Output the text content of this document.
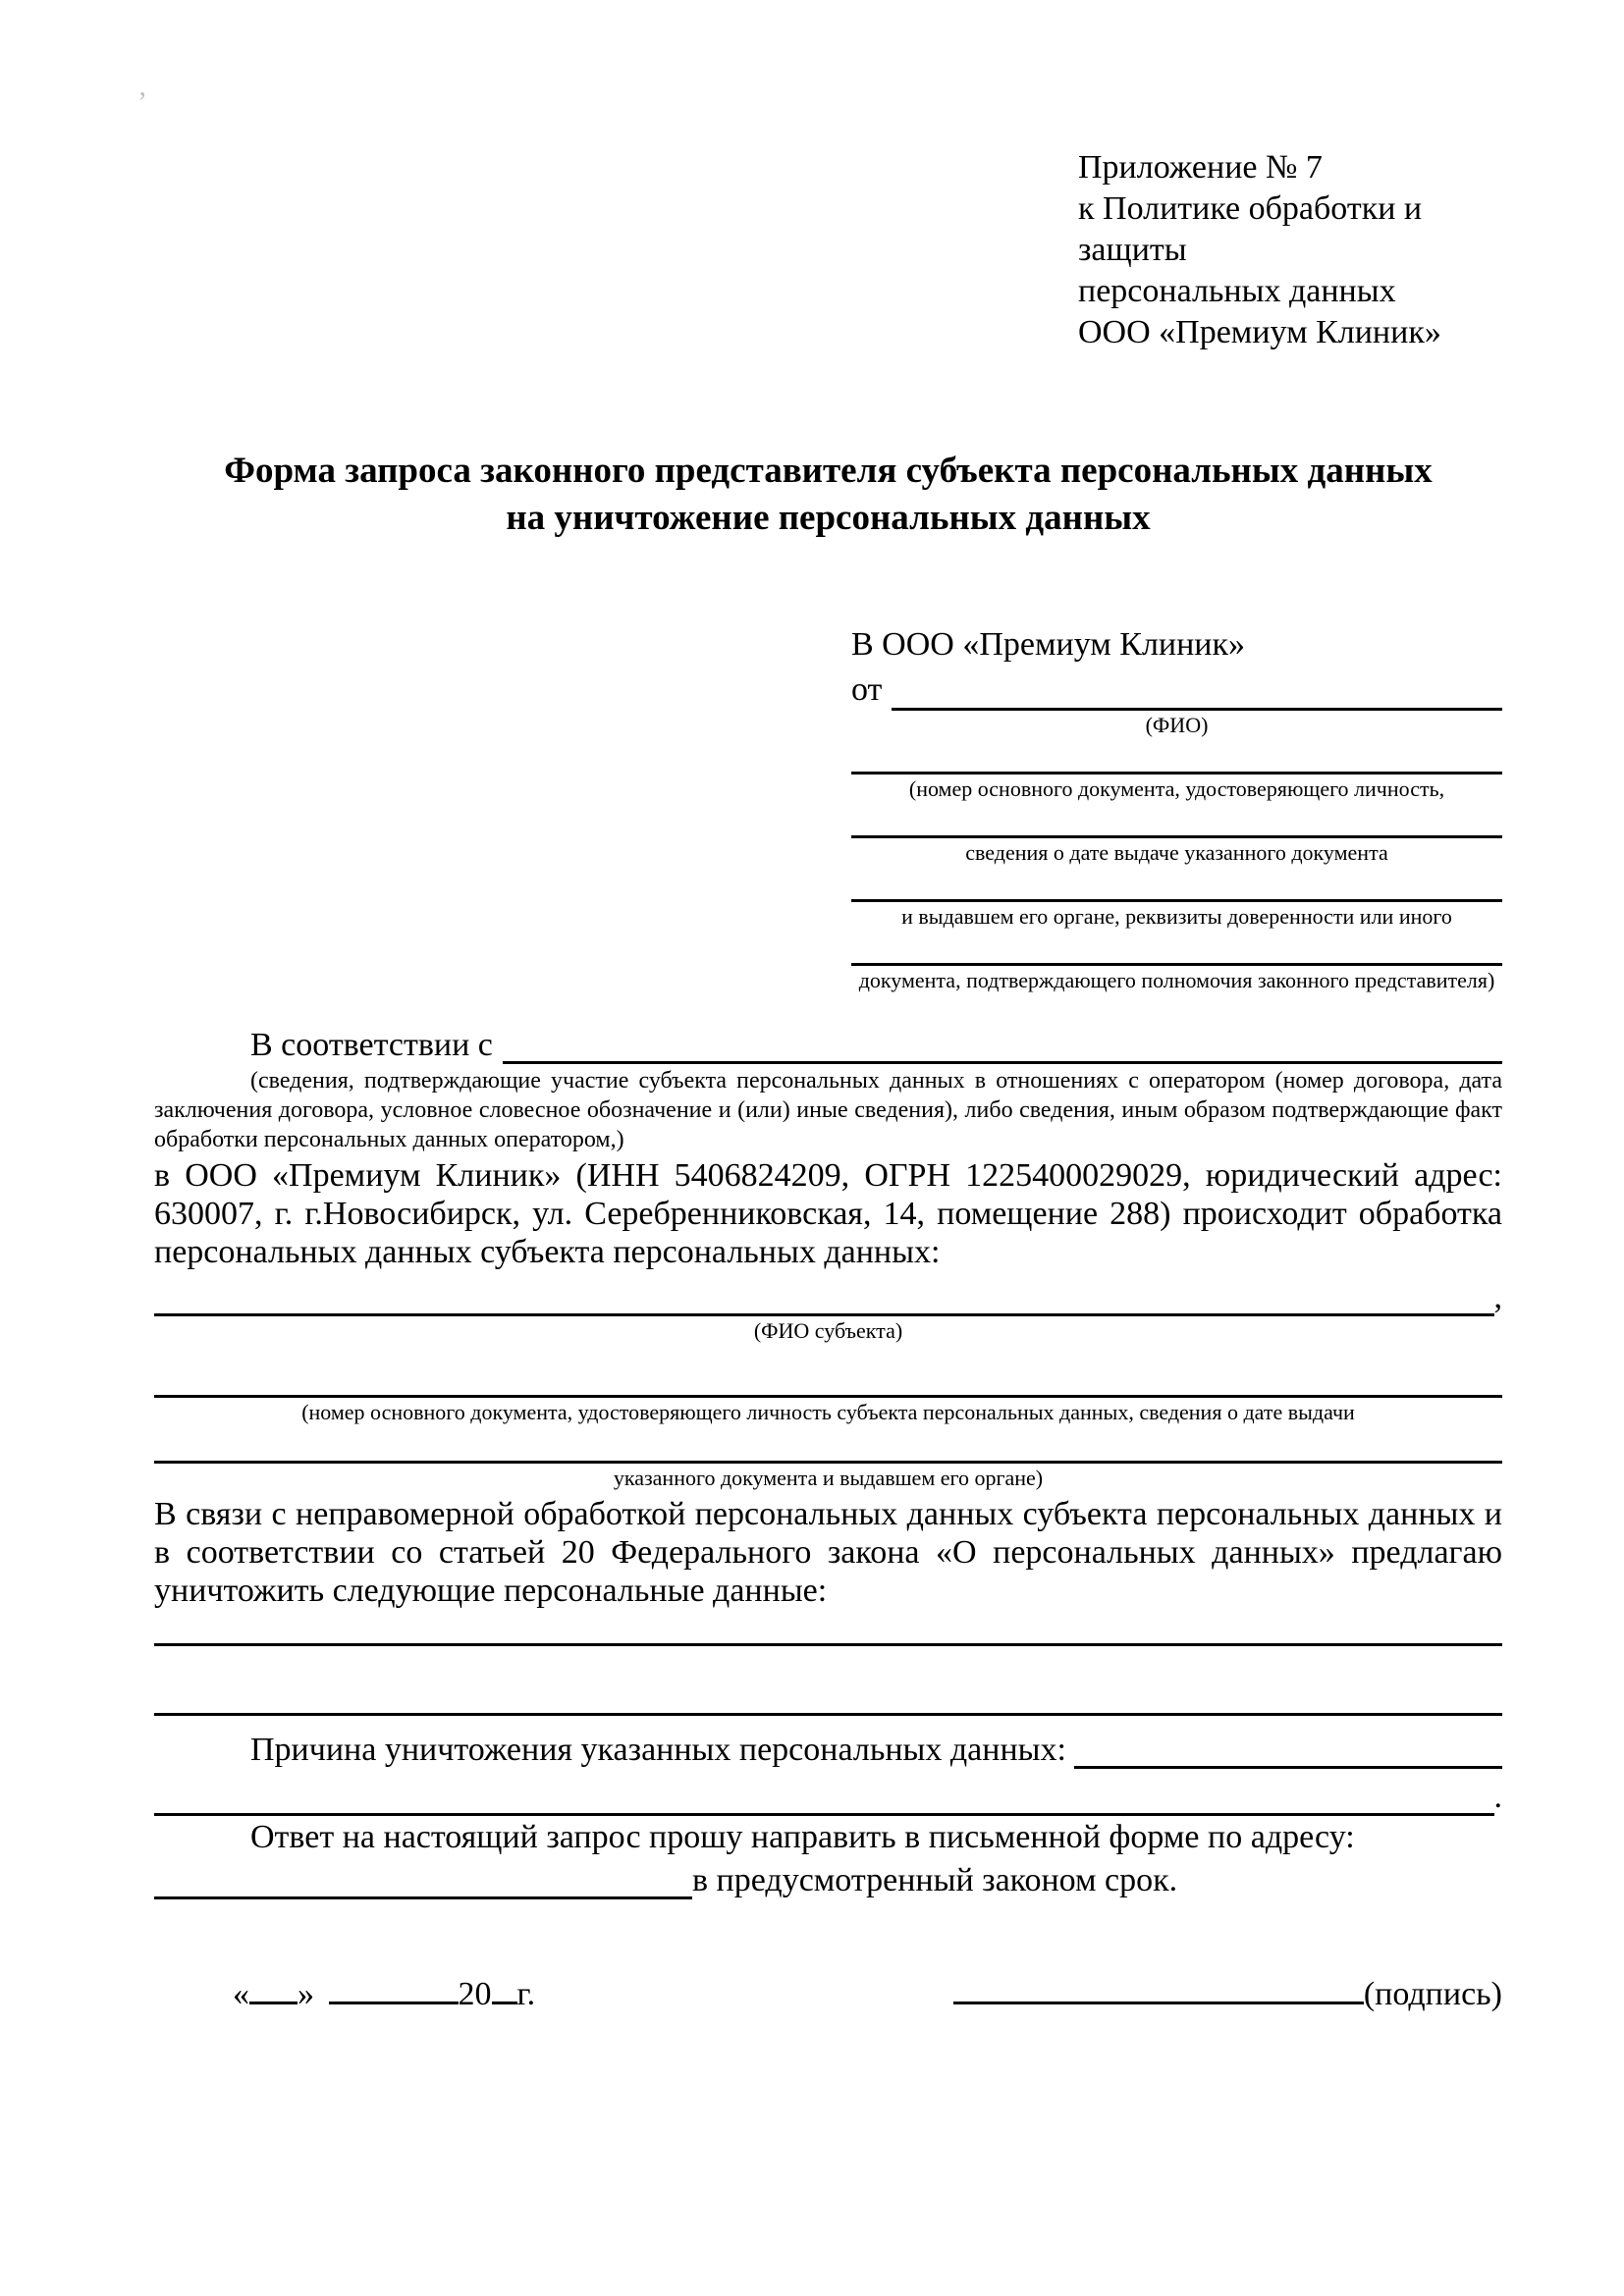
ʼ
Приложение № 7
к Политике обработки и защиты
персональных данных
ООО «Премиум Клиник»
Форма запроса законного представителя субъекта персональных данных
на уничтожение персональных данных
В ООО «Премиум Клиник»
от
(ФИО)
(номер основного документа, удостоверяющего личность,
сведения о дате выдаче указанного документа
и выдавшем его органе, реквизиты доверенности или иного
документа, подтверждающего полномочия законного представителя)
В соответствии с
(сведения, подтверждающие участие субъекта персональных данных в отношениях с оператором (номер договора, дата заключения договора, условное словесное обозначение и (или) иные сведения), либо сведения, иным образом подтверждающие факт обработки персональных данных оператором,)
в ООО «Премиум Клиник» (ИНН 5406824209, ОГРН 1225400029029, юридический адрес: 630007, г. г.Новосибирск, ул. Серебренниковская, 14, помещение 288) происходит обработка персональных данных субъекта персональных данных:
,
(ФИО субъекта)
(номер основного документа, удостоверяющего личность субъекта персональных данных, сведения о дате выдачи
указанного документа и выдавшем его органе)
В связи с неправомерной обработкой персональных данных субъекта персональных данных и в соответствии со статьей 20 Федерального закона «О персональных данных» предлагаю уничтожить следующие персональные данные:
Причина уничтожения указанных персональных данных:
.
Ответ на настоящий запрос прошу направить в письменной форме по адресу:
в предусмотренный законом срок.
« »	20 г.	(подпись)
